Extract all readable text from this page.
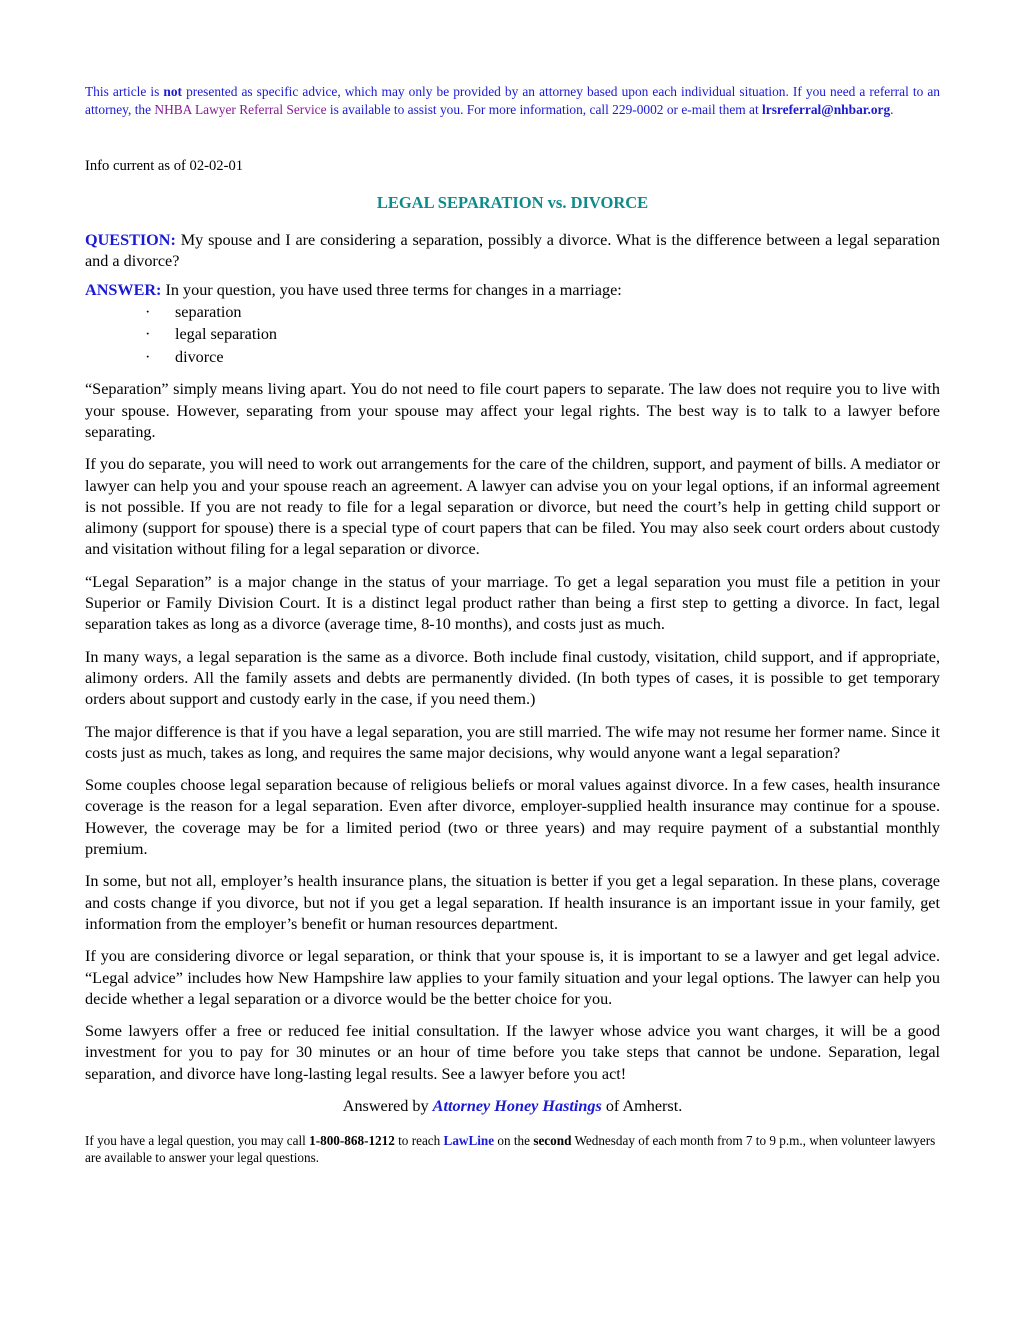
This article is not presented as specific advice, which may only be provided by an attorney based upon each individual situation. If you need a referral to an attorney, the NHBA Lawyer Referral Service is available to assist you. For more information, call 229-0002 or e-mail them at lrsreferral@nhbar.org.

Info current as of 02-02-01

LEGAL SEPARATION vs. DIVORCE

QUESTION: My spouse and I are considering a separation, possibly a divorce. What is the difference between a legal separation and a divorce?

ANSWER: In your question, you have used three terms for changes in a marriage:

· separation
· legal separation
· divorce

“Separation” simply means living apart. You do not need to file court papers to separate. The law does not require you to live with your spouse. However, separating from your spouse may affect your legal rights. The best way is to talk to a lawyer before separating.

If you do separate, you will need to work out arrangements for the care of the children, support, and payment of bills. A mediator or lawyer can help you and your spouse reach an agreement. A lawyer can advise you on your legal options, if an informal agreement is not possible. If you are not ready to file for a legal separation or divorce, but need the court’s help in getting child support or alimony (support for spouse) there is a special type of court papers that can be filed. You may also seek court orders about custody and visitation without filing for a legal separation or divorce.

“Legal Separation” is a major change in the status of your marriage. To get a legal separation you must file a petition in your Superior or Family Division Court. It is a distinct legal product rather than being a first step to getting a divorce. In fact, legal separation takes as long as a divorce (average time, 8-10 months), and costs just as much.

In many ways, a legal separation is the same as a divorce. Both include final custody, visitation, child support, and if appropriate, alimony orders. All the family assets and debts are permanently divided. (In both types of cases, it is possible to get temporary orders about support and custody early in the case, if you need them.)

The major difference is that if you have a legal separation, you are still married. The wife may not resume her former name. Since it costs just as much, takes as long, and requires the same major decisions, why would anyone want a legal separation?

Some couples choose legal separation because of religious beliefs or moral values against divorce. In a few cases, health insurance coverage is the reason for a legal separation. Even after divorce, employer-supplied health insurance may continue for a spouse. However, the coverage may be for a limited period (two or three years) and may require payment of a substantial monthly premium.

In some, but not all, employer’s health insurance plans, the situation is better if you get a legal separation. In these plans, coverage and costs change if you divorce, but not if you get a legal separation. If health insurance is an important issue in your family, get information from the employer’s benefit or human resources department.

If you are considering divorce or legal separation, or think that your spouse is, it is important to se a lawyer and get legal advice. “Legal advice” includes how New Hampshire law applies to your family situation and your legal options. The lawyer can help you decide whether a legal separation or a divorce would be the better choice for you.

Some lawyers offer a free or reduced fee initial consultation. If the lawyer whose advice you want charges, it will be a good investment for you to pay for 30 minutes or an hour of time before you take steps that cannot be undone. Separation, legal separation, and divorce have long-lasting legal results. See a lawyer before you act!

Answered by Attorney Honey Hastings of Amherst.

If you have a legal question, you may call 1-800-868-1212 to reach LawLine on the second Wednesday of each month from 7 to 9 p.m., when volunteer lawyers are available to answer your legal questions.
